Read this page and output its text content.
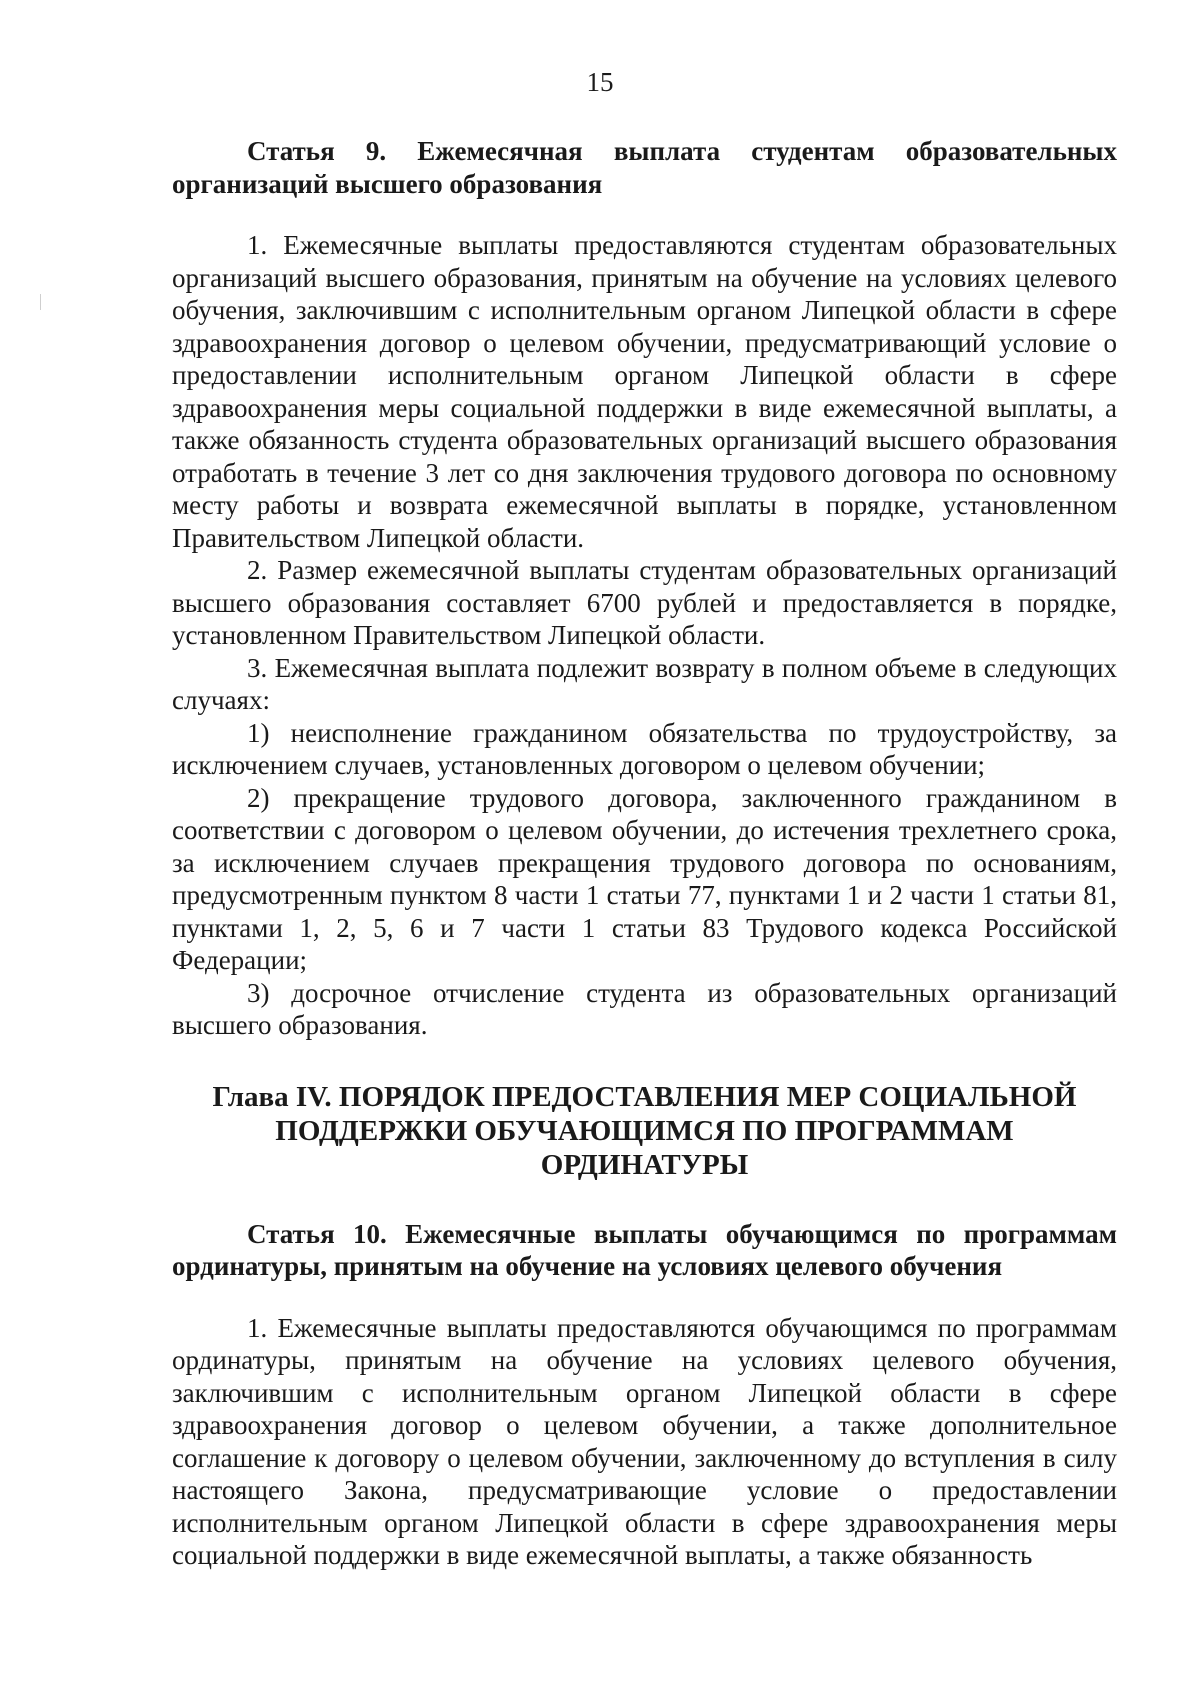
15

Статья 9. Ежемесячная выплата студентам образовательных организаций высшего образования

1. Ежемесячные выплаты предоставляются студентам образовательных организаций высшего образования, принятым на обучение на условиях целевого обучения, заключившим с исполнительным органом Липецкой области в сфере здравоохранения договор о целевом обучении, предусматривающий условие о предоставлении исполнительным органом Липецкой области в сфере здравоохранения меры социальной поддержки в виде ежемесячной выплаты, а также обязанность студента образовательных организаций высшего образования отработать в течение 3 лет со дня заключения трудового договора по основному месту работы и возврата ежемесячной выплаты в порядке, установленном Правительством Липецкой области.

2. Размер ежемесячной выплаты студентам образовательных организаций высшего образования составляет 6700 рублей и предоставляется в порядке, установленном Правительством Липецкой области.

3. Ежемесячная выплата подлежит возврату в полном объеме в следующих случаях:

1) неисполнение гражданином обязательства по трудоустройству, за исключением случаев, установленных договором о целевом обучении;

2) прекращение трудового договора, заключенного гражданином в соответствии с договором о целевом обучении, до истечения трехлетнего срока, за исключением случаев прекращения трудового договора по основаниям, предусмотренным пунктом 8 части 1 статьи 77, пунктами 1 и 2 части 1 статьи 81, пунктами 1, 2, 5, 6 и 7 части 1 статьи 83 Трудового кодекса Российской Федерации;

3) досрочное отчисление студента из образовательных организаций высшего образования.

Глава IV. ПОРЯДОК ПРЕДОСТАВЛЕНИЯ МЕР СОЦИАЛЬНОЙ

ПОДДЕРЖКИ ОБУЧАЮЩИМСЯ ПО ПРОГРАММАМ ОРДИНАТУРЫ

Статья 10. Ежемесячные выплаты обучающимся по программам ординатуры, принятым на обучение на условиях целевого обучения

1. Ежемесячные выплаты предоставляются обучающимся по программам ординатуры, принятым на обучение на условиях целевого обучения, заключившим с исполнительным органом Липецкой области в сфере здравоохранения договор о целевом обучении, а также дополнительное соглашение к договору о целевом обучении, заключенному до вступления в силу настоящего Закона, предусматривающие условие о предоставлении исполнительным органом Липецкой области в сфере здравоохранения меры социальной поддержки в виде ежемесячной выплаты, а также обязанность
